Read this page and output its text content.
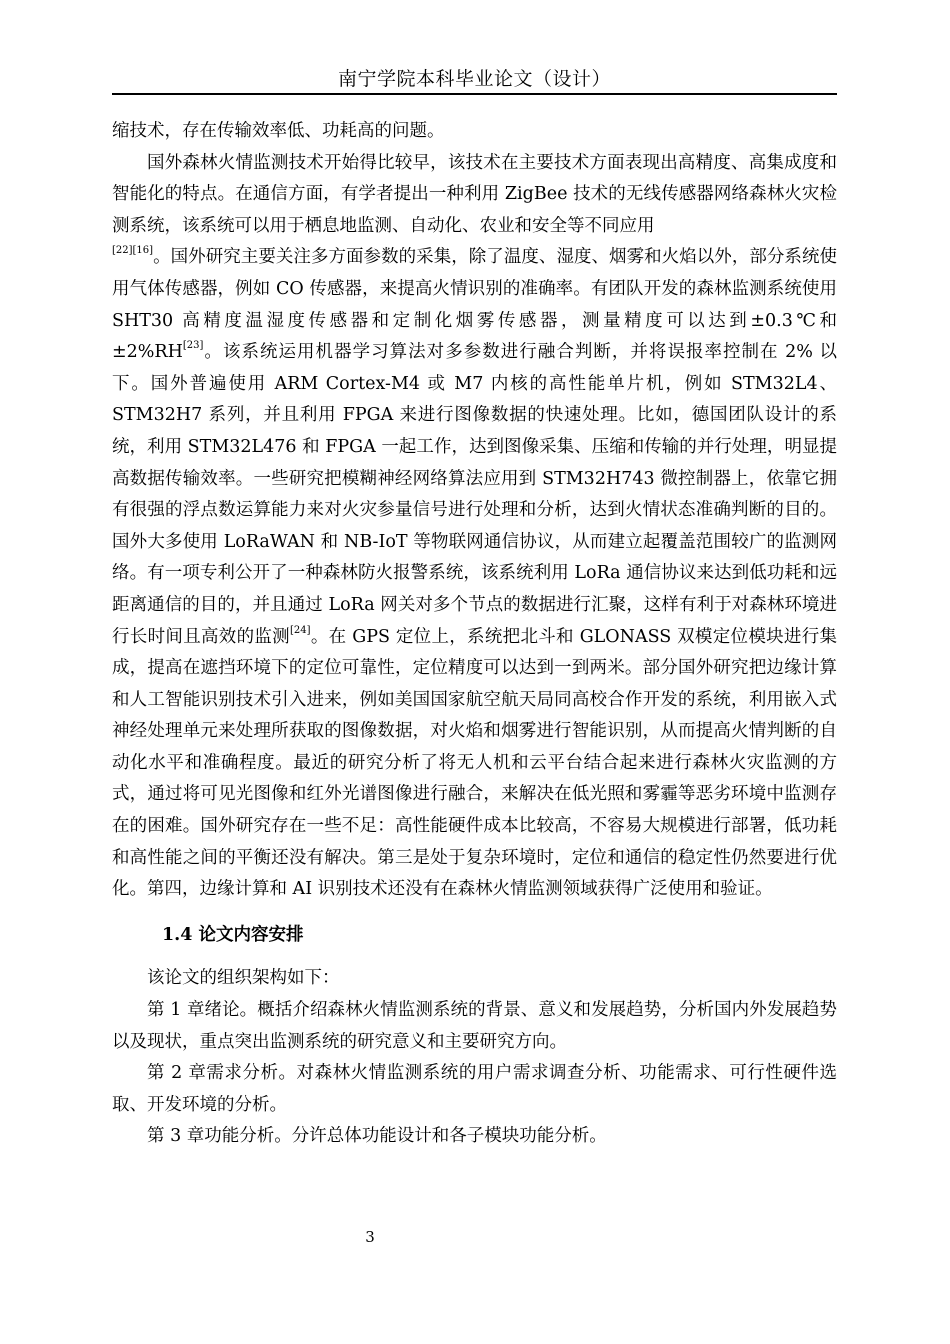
南宁学院本科毕业论文（设计）

缩技术，存在传输效率低、功耗高的问题。

国外森林火情监测技术开始得比较早，该技术在主要技术方面表现出高精度、高集成度和智能化的特点。在通信方面，有学者提出一种利用 ZigBee 技术的无线传感器网络森林火灾检测系统，该系统可以用于栖息地监测、自动化、农业和安全等不同应用
[22][16]。国外研究主要关注多方面参数的采集，除了温度、湿度、烟雾和火焰以外，部分系统使用气体传感器，例如 CO 传感器，来提高火情识别的准确率。有团队开发的森林监测系统使用 SHT30 高精度温湿度传感器和定制化烟雾传感器，测量精度可以达到±0.3℃和±2%RH[23]。该系统运用机器学习算法对多参数进行融合判断，并将误报率控制在 2% 以下。国外普遍使用 ARM Cortex-M4 或 M7 内核的高性能单片机，例如 STM32L4、STM32H7 系列，并且利用 FPGA 来进行图像数据的快速处理。比如，德国团队设计的系统，利用 STM32L476 和 FPGA 一起工作，达到图像采集、压缩和传输的并行处理，明显提高数据传输效率。一些研究把模糊神经网络算法应用到 STM32H743 微控制器上，依靠它拥有很强的浮点数运算能力来对火灾参量信号进行处理和分析，达到火情状态准确判断的目的。国外大多使用 LoRaWAN 和 NB-IoT 等物联网通信协议，从而建立起覆盖范围较广的监测网络。有一项专利公开了一种森林防火报警系统，该系统利用 LoRa 通信协议来达到低功耗和远距离通信的目的，并且通过 LoRa 网关对多个节点的数据进行汇聚，这样有利于对森林环境进行长时间且高效的监测[24]。在 GPS 定位上，系统把北斗和 GLONASS 双模定位模块进行集成，提高在遮挡环境下的定位可靠性，定位精度可以达到一到两米。部分国外研究把边缘计算和人工智能识别技术引入进来，例如美国国家航空航天局同高校合作开发的系统，利用嵌入式神经处理单元来处理所获取的图像数据，对火焰和烟雾进行智能识别，从而提高火情判断的自动化水平和准确程度。最近的研究分析了将无人机和云平台结合起来进行森林火灾监测的方式，通过将可见光图像和红外光谱图像进行融合，来解决在低光照和雾霾等恶劣环境中监测存在的困难。国外研究存在一些不足：高性能硬件成本比较高，不容易大规模进行部署，低功耗和高性能之间的平衡还没有解决。第三是处于复杂环境时，定位和通信的稳定性仍然要进行优化。第四，边缘计算和 AI 识别技术还没有在森林火情监测领域获得广泛使用和验证。

1.4 论文内容安排

该论文的组织架构如下：

第 1 章绪论。概括介绍森林火情监测系统的背景、意义和发展趋势，分析国内外发展趋势以及现状，重点突出监测系统的研究意义和主要研究方向。

第 2 章需求分析。对森林火情监测系统的用户需求调查分析、功能需求、可行性硬件选取、开发环境的分析。

第 3 章功能分析。分许总体功能设计和各子模块功能分析。

3
